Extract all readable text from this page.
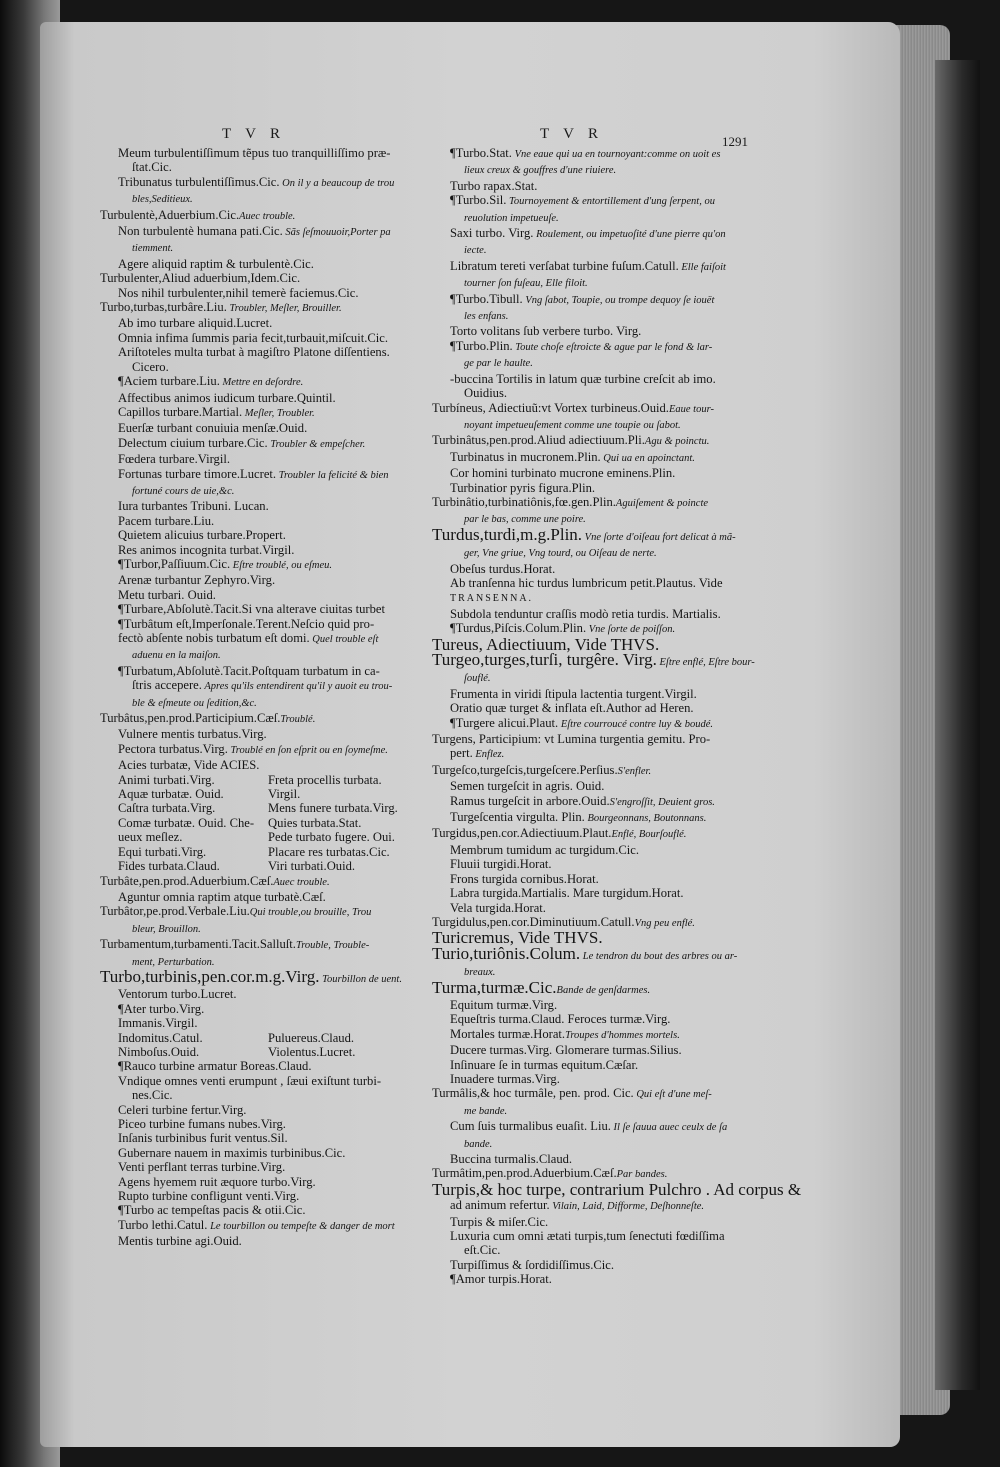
TVR	TVR	1291
Meum turbulentiſſimum tẽpus tuo tranquilliſſimo præ-
ſtat.Cic.
Tribunatus turbulentiſſimus.Cic. On il y a beaucoup de trou
bles,Seditieux.
Turbulentè,Aduerbium.Cic.Auec trouble.
Non turbulentè humana pati.Cic. Sãs ſeſmouuoir,Porter pa
tiemment.
Agere aliquid raptim & turbulentè.Cic.
Turbulenter,Aliud aduerbium,Idem.Cic.
Nos nihil turbulenter,nihil temerè faciemus.Cic.
Turbo,turbas,turbâre.Liu. Troubler, Meſler, Brouiller.
Ab imo turbare aliquid.Lucret.
Omnia infima ſummis paria fecit,turbauit,miſcuit.Cic.
Ariſtoteles multa turbat à magiſtro Platone diſſentiens.
Cicero.
¶Aciem turbare.Liu. Mettre en deſordre.
Affectibus animos iudicum turbare.Quintil.
Capillos turbare.Martial. Meſler, Troubler.
Euerſæ turbant conuiuia menſæ.Ouid.
Delectum ciuium turbare.Cic. Troubler & empeſcher.
Fœdera turbare.Virgil.
Fortunas turbare timore.Lucret. Troubler la felicité & bien
fortuné cours de uie,&c.
Iura turbantes Tribuni. Lucan.
Pacem turbare.Liu.
Quietem alicuius turbare.Propert.
Res animos incognita turbat.Virgil.
¶Turbor,Paſſiuum.Cic. Eſtre troublé, ou eſmeu.
Arenæ turbantur Zephyro.Virg.
Metu turbari. Ouid.
¶Turbare,Abſolutè.Tacit.Si vna alterave ciuitas turbet
¶Turbâtum eſt,Imperſonale.Terent.Neſcio quid pro-
fectò abſente nobis turbatum eſt domi. Quel trouble eſt
aduenu en la maiſon.
¶Turbatum,Abſolutè.Tacit.Poſtquam turbatum in ca-
ſtris accepere. Apres qu'ils entendirent qu'il y auoit eu trou-
ble & eſmeute ou ſedition,&c.
Turbâtus,pen.prod.Participium.Cæſ.Troublé.
Vulnere mentis turbatus.Virg.
Pectora turbatus.Virg. Troublé en ſon eſprit ou en ſoymeſme.
Acies turbatæ, Vide ACIES.
Animi turbati.Virg.	Freta procellis turbata.
Aquæ turbatæ. Ouid.	Virgil.
Caſtra turbata.Virg.	Mens funere turbata.Virg.
Comæ turbatæ. Ouid. Che-	Quies turbata.Stat.
ueux meſlez.	Pede turbato fugere. Oui.
Equi turbati.Virg.	Placare res turbatas.Cic.
Fides turbata.Claud.	Viri turbati.Ouid.
Turbâte,pen.prod.Aduerbium.Cæſ.Auec trouble.
Aguntur omnia raptim atque turbatè.Cæſ.
Turbâtor,pe.prod.Verbale.Liu.Qui trouble,ou brouille, Trou
bleur, Brouillon.
Turbamentum,turbamenti.Tacit.Salluſt.Trouble, Trouble-
ment, Perturbation.
Turbo,turbinis,pen.cor.m.g.Virg. Tourbillon de uent.
Ventorum turbo.Lucret.
¶Ater turbo.Virg.
Immanis.Virgil.
Indomitus.Catul.	Puluereus.Claud.
Nimboſus.Ouid.	Violentus.Lucret.
¶Rauco turbine armatur Boreas.Claud.
Vndique omnes venti erumpunt , ſæui exiſtunt turbi-
nes.Cic.
Celeri turbine fertur.Virg.
Piceo turbine fumans nubes.Virg.
Inſanis turbinibus furit ventus.Sil.
Gubernare nauem in maximis turbinibus.Cic.
Venti perflant terras turbine.Virg.
Agens hyemem ruit æquore turbo.Virg.
Rupto turbine confligunt venti.Virg.
¶Turbo ac tempeſtas pacis & otii.Cic.
Turbo lethi.Catul. Le tourbillon ou tempeſte & danger de mort
Mentis turbine agi.Ouid.
¶Turbo.Stat. Vne eaue qui ua en tournoyant:comme on uoit es
lieux creux & gouffres d'une riuiere.
Turbo rapax.Stat.
¶Turbo.Sil. Tournoyement & entortillement d'ung ſerpent, ou
reuolution impetueuſe.
Saxi turbo. Virg. Roulement, ou impetuoſité d'une pierre qu'on
iecte.
Libratum tereti verſabat turbine fuſum.Catull. Elle faiſoit
tourner ſon fuſeau, Elle filoit.
¶Turbo.Tibull. Vng ſabot, Toupie, ou trompe dequoy ſe iouët
les enfans.
Torto volitans ſub verbere turbo. Virg.
¶Turbo.Plin. Toute choſe eſtroicte & ague par le fond & lar-
ge par le haulte.
-buccina Tortilis in latum quæ turbine creſcit ab imo.
Ouidius.
Turbíneus, Adiectiuũ:vt Vortex turbineus.Ouid.Eaue tour-
noyant impetueuſement comme une toupie ou ſabot.
Turbinâtus,pen.prod.Aliud adiectiuum.Pli.Agu & poinctu.
Turbinatus in mucronem.Plin. Qui ua en apoinctant.
Cor homini turbinato mucrone eminens.Plin.
Turbinatior pyris figura.Plin.
Turbinâtio,turbinatiônis,fœ.gen.Plin.Aguiſement & poincte
par le bas, comme une poire.
Turdus,turdi,m.g.Plin. Vne ſorte d'oiſeau fort delicat à mã-
ger, Vne griue, Vng tourd, ou Oiſeau de nerte.
Obeſus turdus.Horat.
Ab tranſenna hic turdus lumbricum petit.Plautus. Vide
TRANSENNA.
Subdola tenduntur craſſis modò retia turdis. Martialis.
¶Turdus,Piſcis.Colum.Plin. Vne ſorte de poiſſon.
Tureus, Adiectiuum, Vide THVS.
Turgeo,turges,turſi, turgêre. Virg. Eſtre enflé, Eſtre bour-
ſouflé.
Frumenta in viridi ſtipula lactentia turgent.Virgil.
Oratio quæ turget & inflata eſt.Author ad Heren.
¶Turgere alicui.Plaut. Eſtre courroucé contre luy & boudé.
Turgens, Participium: vt Lumina turgentia gemitu. Pro-
pert. Enflez.
Turgeſco,turgeſcis,turgeſcere.Perſius.S'enfler.
Semen turgeſcit in agris. Ouid.
Ramus turgeſcit in arbore.Ouid.S'engroſſit, Deuient gros.
Turgeſcentia virgulta. Plin. Bourgeonnans, Boutonnans.
Turgidus,pen.cor.Adiectiuum.Plaut.Enflé, Bourſouflé.
Membrum tumidum ac turgidum.Cic.
Fluuii turgidi.Horat.
Frons turgida cornibus.Horat.
Labra turgida.Martialis. Mare turgidum.Horat.
Vela turgida.Horat.
Turgidulus,pen.cor.Diminutiuum.Catull.Vng peu enflé.
Turicremus, Vide THVS.
Turio,turiônis.Colum. Le tendron du bout des arbres ou ar-
breaux.
Turma,turmæ.Cic.Bande de genſdarmes.
Equitum turmæ.Virg.
Equeſtris turma.Claud. Feroces turmæ.Virg.
Mortales turmæ.Horat.Troupes d'hommes mortels.
Ducere turmas.Virg. Glomerare turmas.Silius.
Inſinuare ſe in turmas equitum.Cæſar.
Inuadere turmas.Virg.
Turmâlis,& hoc turmâle, pen. prod. Cic. Qui eſt d'une meſ-
me bande.
Cum ſuis turmalibus euaſit. Liu. Il ſe ſauua auec ceulx de ſa
bande.
Buccina turmalis.Claud.
Turmâtim,pen.prod.Aduerbium.Cæſ.Par bandes.
Turpis,& hoc turpe, contrarium Pulchro . Ad corpus &
ad animum refertur. Vilain, Laid, Difforme, Deſhonneſte.
Turpis & miſer.Cic.
Luxuria cum omni ætati turpis,tum ſenectuti fœdiſſima
eſt.Cic.
Turpiſſimus & ſordidiſſimus.Cic.
¶Amor turpis.Horat.
